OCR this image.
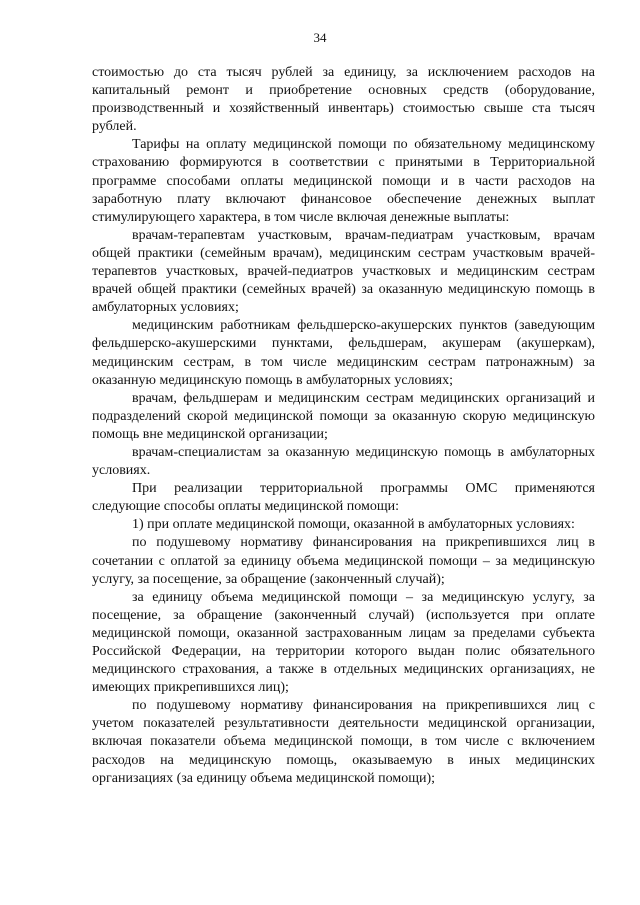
34

стоимостью до ста тысяч рублей за единицу, за исключением расходов на капитальный ремонт и приобретение основных средств (оборудование, производственный и хозяйственный инвентарь) стоимостью свыше ста тысяч рублей.

Тарифы на оплату медицинской помощи по обязательному медицинскому страхованию формируются в соответствии с принятыми в Территориальной программе способами оплаты медицинской помощи и в части расходов на заработную плату включают финансовое обеспечение денежных выплат стимулирующего характера, в том числе включая денежные выплаты:

врачам-терапевтам участковым, врачам-педиатрам участковым, врачам общей практики (семейным врачам), медицинским сестрам участковым врачей-терапевтов участковых, врачей-педиатров участковых и медицинским сестрам врачей общей практики (семейных врачей) за оказанную медицинскую помощь в амбулаторных условиях;

медицинским работникам фельдшерско-акушерских пунктов (заведующим фельдшерско-акушерскими пунктами, фельдшерам, акушерам (акушеркам), медицинским сестрам, в том числе медицинским сестрам патронажным) за оказанную медицинскую помощь в амбулаторных условиях;

врачам, фельдшерам и медицинским сестрам медицинских организаций и подразделений скорой медицинской помощи за оказанную скорую медицинскую помощь вне медицинской организации;

врачам-специалистам за оказанную медицинскую помощь в амбулаторных условиях.

При реализации территориальной программы ОМС применяются следующие способы оплаты медицинской помощи:

1) при оплате медицинской помощи, оказанной в амбулаторных условиях:

по подушевому нормативу финансирования на прикрепившихся лиц в сочетании с оплатой за единицу объема медицинской помощи – за медицинскую услугу, за посещение, за обращение (законченный случай);

за единицу объема медицинской помощи – за медицинскую услугу, за посещение, за обращение (законченный случай) (используется при оплате медицинской помощи, оказанной застрахованным лицам за пределами субъекта Российской Федерации, на территории которого выдан полис обязательного медицинского страхования, а также в отдельных медицинских организациях, не имеющих прикрепившихся лиц);

по подушевому нормативу финансирования на прикрепившихся лиц с учетом показателей результативности деятельности медицинской организации, включая показатели объема медицинской помощи, в том числе с включением расходов на медицинскую помощь, оказываемую в иных медицинских организациях (за единицу объема медицинской помощи);
